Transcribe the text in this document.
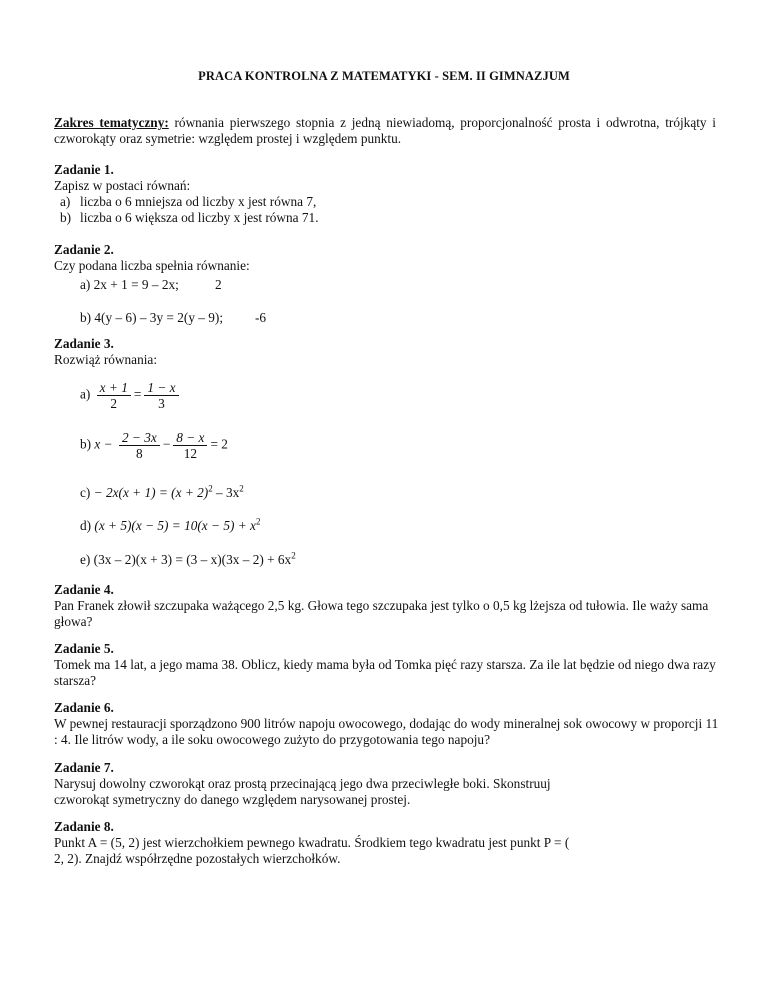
PRACA KONTROLNA Z MATEMATYKI - SEM. II GIMNAZJUM
Zakres tematyczny: równania pierwszego stopnia z jedną niewiadomą, proporcjonalność prosta i odwrotna, trójkąty i czworokąty oraz symetrie: względem prostej i względem punktu.
Zadanie 1.

Zapisz w postaci równań:

a) liczba o 6 mniejsza od liczby x jest równa 7,
b) liczba o 6 większa od liczby x jest równa 71.
Zadanie 2.

Czy podana liczba spełnia równanie:

a) 2x + 1 = 9 – 2x;	2
b) 4(y – 6) – 3y = 2(y – 9); -6
Zadanie 3.

Rozwiąż równania:

$a) \frac{x + 1}{2} = \frac{1 - x}{3}$
b) $x - \frac{2 - 3x}{8} - \frac{8 - x}{12} = 2$
$c) - 2x(x + 1) = (x + 2)^2 - 3x^2$
d) $(x + 5)(x - 5) = 10(x - 5) + x^2$
e) $(3x - 2)(x + 3) = (3 - x)(3x - 2) + 6x^2$
Zadanie 4.

Pan Franek złowił szczupaka ważącego 2,5 kg. Głowa tego szczupaka jest tylko o 0,5 kg lżejsza od tułowia. Ile waży sama głowa?

Zadanie 5.

Tomek ma 14 lat, a jego mama 38. Oblicz, kiedy mama była od Tomka pięć razy starsza. Za ile lat będzie od niego dwa razy starsza?

Zadanie 6.

W pewnej restauracji sporządzono 900 litrów napoju owocowego, dodając do wody mineralnej sok owocowy w proporcji 11 : 4. Ile litrów wody, a ile soku owocowego zużyto do przygotowania tego napoju?

Zadanie 7.

Narysuj dowolny czworokąt oraz prostą przecinającą jego dwa przeciwległe boki. Skonstruuj

czworokąt symetryczny do danego względem narysowanej prostej.

Zadanie 8.

Punkt A = (5, 2) jest wierzchołkiem pewnego kwadratu. Środkiem tego kwadratu jest punkt P = (

2, 2). Znajdź współrzędne pozostałych wierzchołków.
